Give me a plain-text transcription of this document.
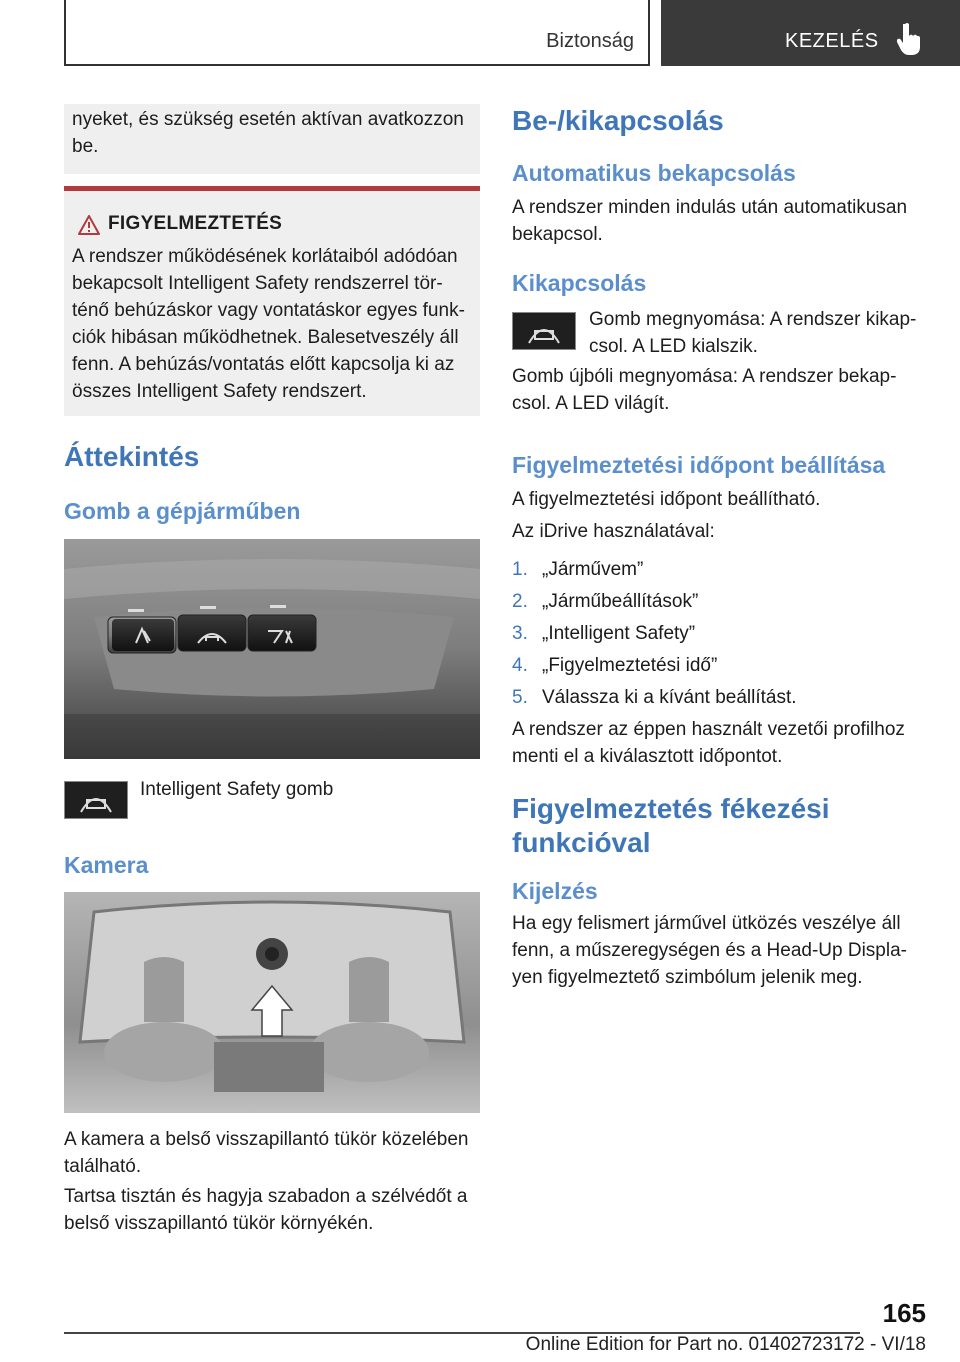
Biztonság	KEZELÉS

nyeket, és szükség esetén aktívan avatkozzon be.

FIGYELMEZTETÉS

A rendszer működésének korlátaiból adódóan bekapcsolt Intelligent Safety rendszerrel tör-ténő behúzáskor vagy vontatáskor egyes funk-ciók hibásan működhetnek. Balesetveszély áll fenn. A behúzás/vontatás előtt kapcsolja ki az összes Intelligent Safety rendszert.

Áttekintés
Gomb a gépjárműben
Intelligent Safety gomb
Kamera

A kamera a belső visszapillantó tükör közelében található.

Tartsa tisztán és hagyja szabadon a szélvédőt a belső visszapillantó tükör környékén.

Be-/kikapcsolás
Automatikus bekapcsolás

A rendszer minden indulás után automatikusan bekapcsol.

Kikapcsolás

Gomb megnyomása: A rendszer kikap-csol. A LED kialszik.

Gomb újbóli megnyomása: A rendszer bekap-csol. A LED világít.

Figyelmeztetési időpont beállítása

A figyelmeztetési időpont beállítható.

Az iDrive használatával:

1. „Járművem”
2. „Járműbeállítások”
3. „Intelligent Safety”
4. „Figyelmeztetési idő”
5. Válassza ki a kívánt beállítást.

A rendszer az éppen használt vezetői profilhoz menti el a kiválasztott időpontot.

Figyelmeztetés fékezési funkcióval
Kijelzés

Ha egy felismert járművel ütközés veszélye áll fenn, a műszeregységen és a Head-Up Displa-yen figyelmeztető szimbólum jelenik meg.

165
Online Edition for Part no. 01402723172 - VI/18
